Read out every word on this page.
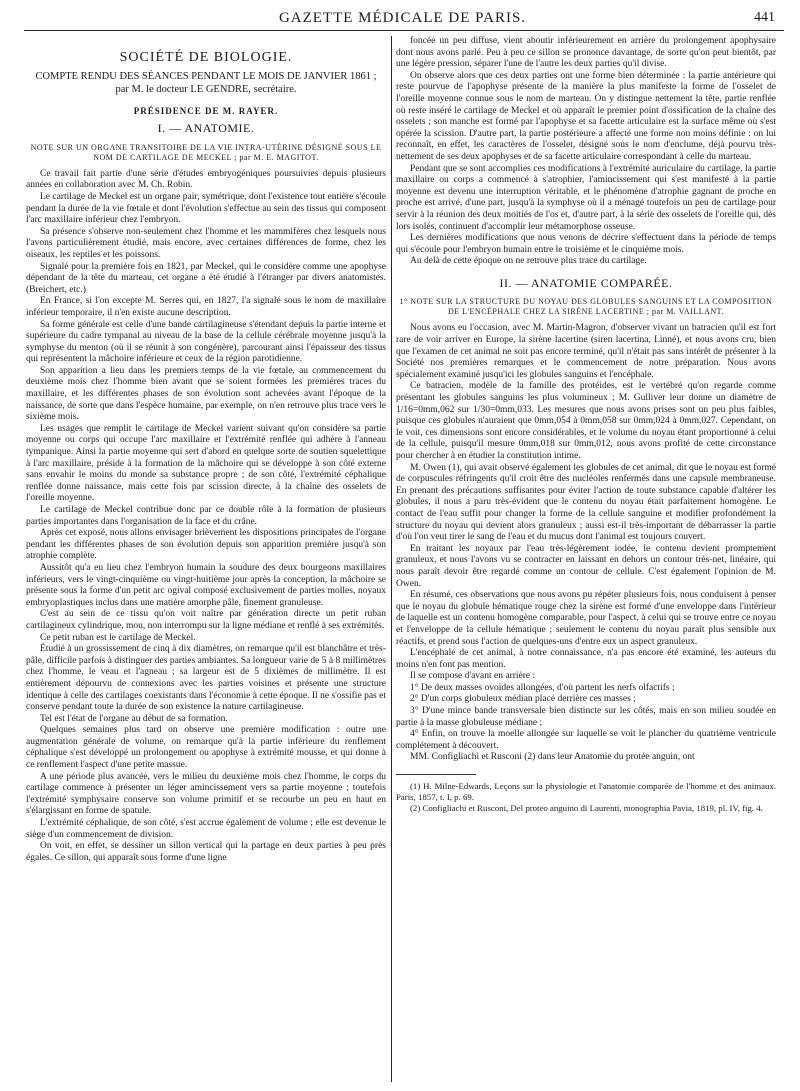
GAZETTE MÉDICALE DE PARIS.	441
SOCIÉTÉ DE BIOLOGIE.

COMPTE RENDU DES SÉANCES PENDANT LE MOIS DE JANVIER 1861 ;

par M. le docteur LE GENDRE, secrétaire.

PRÉSIDENCE DE M. RAYER.
I. — ANATOMIE.

NOTE SUR UN ORGANE TRANSITOIRE DE LA VIE INTRA-UTÉRINE DÉSIGNÉ SOUS LE NOM DE CARTILAGE DE MECKEL ; par M. E. MAGITOT.

Ce travail fait partie d'une série d'études embryogéniques poursuivies depuis plusieurs années en collaboration avec M. Ch. Robin.

Le cartilage de Meckel est un organe pair, symétrique, dont l'existence tout entière s'écoule pendant la durée de la vie fœtale et dont l'évolution s'effectue au sein des tissus qui composent l'arc maxillaire inférieur chez l'embryon.

Sa présence s'observe non-seulement chez l'homme et les mammifères chez lesquels nous l'avons particulièrement étudié, mais encore, avec certaines différences de forme, chez les oiseaux, les reptiles et les poissons.

Signalé pour la première fois en 1821, par Meckel, qui le considère comme une apophyse dépendant de la tête du marteau, cet organe a été étudié à l'étranger par divers anatomistes. (Breichert, etc.)

En France, si l'on excepte M. Serres qui, en 1827, l'a signalé sous le nom de maxillaire inférieur temporaire, il n'en existe aucune description.

Sa forme générale est celle d'une bande cartilagineuse s'étendant depuis la partie interne et supérieure du cadre tympanal au niveau de la base de la cellule cérébrale moyenne jusqu'à la symphyse du menton (où il se réunit à son congénère), parcourant ainsi l'épaisseur des tissus qui représentent la mâchoire inférieure et ceux de la région parotidienne.

Son apparition a lieu dans les premiers temps de la vie fœtale, au commencement du deuxième mois chez l'homme bien avant que se soient formées les premières traces du maxillaire, et les différentes phases de son évolution sont achevées avant l'époque de la naissance, de sorte que dans l'espèce humaine, par exemple, on n'en retrouve plus trace vers le sixième mois.

Les usages que remplit le cartilage de Meckel varient suivant qu'on considère sa partie moyenne ou corps qui occupe l'arc maxillaire et l'extrémité renflée qui adhère à l'anneau tympanique. Ainsi la partie moyenne qui sert d'abord en quelque sorte de soutien squelettique à l'arc maxillaire, préside à la formation de la mâchoire qui se développe à son côté externe sans envahir le moins du monde sa substance propre ; de son côté, l'extrémité céphalique renflée donne naissance, mais cette fois par scission directe, à la chaîne des osselets de l'oreille moyenne.

Le cartilage de Meckel contribue donc par ce double rôle à la formation de plusieurs parties importantes dans l'organisation de la face et du crâne.

Après cet exposé, nous allons envisager brièvement les dispositions principales de l'organe pendant les différentes phases de son évolution depuis son apparition première jusqu'à son atrophie complète.

Aussitôt qu'a eu lieu chez l'embryon humain la soudure des deux bourgeons maxillaires inférieurs, vers le vingt-cinquième ou vingt-huitième jour après la conception, la mâchoire se présente sous la forme d'un petit arc ogival composé exclusivement de parties molles, noyaux embryoplastiques inclus dans une matière amorphe pâle, finement granuleuse.

C'est au sein de ce tissu qu'on voit naître par génération directe un petit ruban cartilagineux cylindrique, mou, non interrompu sur la ligne médiane et renflé à ses extrémités.

Ce petit ruban est le cartilage de Meckel.

Étudié à un grossissement de cinq à dix diamètres, on remarque qu'il est blanchâtre et très-pâle, difficile parfois à distinguer des parties ambiantes. Sa longueur varie de 5 à 8 millimètres chez l'homme, le veau et l'agneau ; sa largeur est de 5 dixièmes de millimètre. Il est entièrement dépourvu de connexions avec les parties voisines et présente une structure identique à celle des cartilages coexistants dans l'économie à cette époque. Il ne s'ossifie pas et conserve pendant toute la durée de son existence la nature cartilagineuse.

Tel est l'état de l'organe au début de sa formation.

Quelques semaines plus tard on observe une première modification : outre une augmentation générale de volume, on remarque qu'à la partie inférieure du renflement céphalique s'est développé un prolongement ou apophyse à extrémité mousse, et qui donne à ce renflement l'aspect d'une petite massue.

A une période plus avancée, vers le milieu du deuxième mois chez l'homme, le corps du cartilage commence à présenter un léger amincissement vers sa partie moyenne ; toutefois l'extrémité symphysaire conserve son volume primitif et se recourbe un peu en haut en s'élargissant en forme de spatule.

L'extrémité céphalique, de son côté, s'est accrue également de volume ; elle est devenue le siège d'un commencement de division.

On voit, en effet, se dessiner un sillon vertical qui la partage en deux parties à peu près égales. Ce sillon, qui apparaît sous forme d'une ligne

foncée un peu diffuse, vient aboutir inférieurement en arrière du prolongement apophysaire dont nous avons parlé. Peu à peu ce sillon se prononce davantage, de sorte qu'on peut bientôt, par une légère pression, séparer l'une de l'autre les deux parties qu'il divise.

On observe alors que ces deux parties ont une forme bien déterminée : la partie antérieure qui reste pourvue de l'apophyse présente de la manière la plus manifeste la forme de l'osselet de l'oreille moyenne connue sous le nom de marteau. On y distingue nettement la tête, partie renflée où reste inséré le cartilage de Meckel et où apparaît le premier point d'ossification de la chaîne des osselets ; son manche est formé par l'apophyse et sa facette articulaire est la surface même où s'est opérée la scission. D'autre part, la partie postérieure a affecté une forme non moins définie : on lui reconnaît, en effet, les caractères de l'osselet, désigné sous le nom d'enclume, déjà pourvu très-nettement de ses deux apophyses et de sa facette articulaire correspondant à celle du marteau.

Pendant que se sont accomplies ces modifications à l'extrémité auriculaire du cartilage, la partie maxillaire ou corps a commencé à s'atrophier, l'amincissement qui s'est manifesté à la partie moyenne est devenu une interruption véritable, et le phénomène d'atrophie gagnant de proche en proche est arrivé, d'une part, jusqu'à la symphyse où il a ménagé toutefois un peu de cartilage pour servir à la réunion des deux moitiés de l'os et, d'autre part, à la série des osselets de l'oreille qui, dès lors isolés, continuent d'accomplir leur métamorphose osseuse.

Les dernières modifications que nous venons de décrire s'effectuent dans la période de temps qui s'écoule pour l'embryon humain entre le troisième et le cinquième mois.

Au delà de cette époque on ne retrouve plus trace du cartilage.

II. — ANATOMIE COMPARÉE.

1° NOTE SUR LA STRUCTURE DU NOYAU DES GLOBULES SANGUINS ET LA COMPOSITION DE L'ENCÉPHALE CHEZ LA SIRÈNE LACERTINE ; par M. VAILLANT.

Nous avons eu l'occasion, avec M. Martin-Magron, d'observer vivant un batracien qu'il est fort rare de voir arriver en Europe, la sirène lacertine (siren lacertina, Linné), et nous avons cru, bien que l'examen de cet animal ne soit pas encore terminé, qu'il n'était pas sans intérêt de présenter à la Société nos premières remarques et le commencement de notre préparation. Nous avons spécialement examiné jusqu'ici les globules sanguins et l'encéphale.

Ce batracien, modèle de la famille des protéides, est le vertébré qu'on regarde comme présentant les globules sanguins les plus volumineux ; M. Gulliver leur donne un diamètre de 1/16=0mm,062 sur 1/30=0mm,033. Les mesures que nous avons prises sont un peu plus faibles, puisque ces globules n'auraient que 0mm,054 à 0mm,058 sur 0mm,024 à 0mm,027. Cependant, on le voit, ces dimensions sont encore considérables, et le volume du noyau étant proportionné à celui de la cellule, puisqu'il mesure 0mm,018 sur 0mm,012, nous avons profité de cette circonstance pour chercher à en étudier la constitution intime.

M. Owen (1), qui avait observé également les globules de cet animal, dit que le noyau est formé de corpuscules réfringents qu'il croit être des nucléoles renfermés dans une capsule membraneuse. En prenant des précautions suffisantes pour éviter l'action de toute substance capable d'altérer les globules, il nous a paru très-évident que le contenu du noyau était parfaitement homogène. Le contact de l'eau suffit pour changer la forme de la cellule sanguine et modifier profondément la structure du noyau qui devient alors granuleux ; aussi est-il très-important de débarrasser la partie d'où l'on veut tirer le sang de l'eau et du mucus dont l'animal est toujours couvert.

En traitant les noyaux par l'eau très-légèrement iodée, le contenu devient promptement granuleux, et nous l'avons vu se contracter en laissant en dehors un contour très-net, linéaire, qui nous paraît devoir être regardé comme un contour de cellule. C'est également l'opinion de M. Owen.

En résumé, ces observations que nous avons pu répéter plusieurs fois, nous conduisent à penser que le noyau du globule hématique rouge chez la sirène est formé d'une enveloppe dans l'intérieur de laquelle est un contenu homogène comparable, pour l'aspect, à celui qui se trouve entre ce noyau et l'enveloppe de la cellule hématique ; seulement le contenu du noyau paraît plus sensible aux réactifs, et prend sous l'action de quelques-uns d'entre eux un aspect granuleux.

L'encéphale de cet animal, à notre connaissance, n'a pas encore été examiné, les auteurs du moins n'en font pas mention.

Il se compose d'avant en arrière :

1° De deux masses ovoïdes allongées, d'où partent les nerfs olfactifs ;

2° D'un corps globuleux médian placé derrière ces masses ;

3° D'une mince bande transversale bien distincte sur les côtés, mais en son milieu soudée en partie à la masse globuleuse médiane ;

4° Enfin, on trouve la moelle allongée sur laquelle se voit le plancher du quatrième ventricule complétement à découvert.

MM. Configliachi et Rusconi (2) dans leur Anatomie du protée anguin, ont

(1) H. Milne-Edwards, Leçons sur la physiologie et l'anatomie comparée de l'homme et des animaux. Paris, 1857, t. I, p. 69.

(2) Configliachi et Rusconi, Del proteo anguino di Laurenti, monographia Pavia, 1819, pl. IV, fig. 4.
